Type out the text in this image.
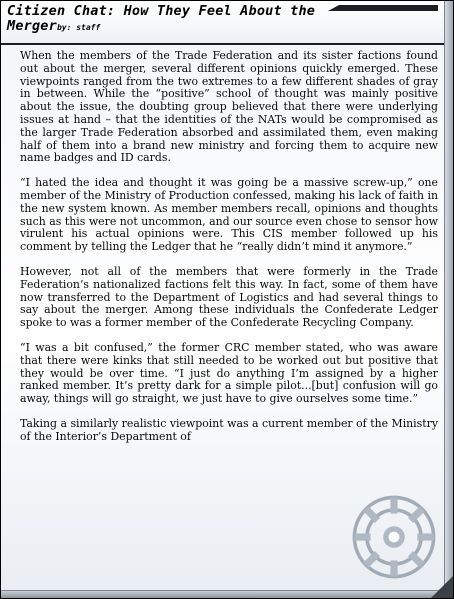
Citizen Chat: How They Feel About the
Mergerby: staff

When the members of the Trade Federation and its sister factions found out about the merger, several different opinions quickly emerged. These viewpoints ranged from the two extremes to a few different shades of gray in between. While the “positive” school of thought was mainly positive about the issue, the doubting group believed that there were underlying issues at hand – that the identities of the NATs would be compromised as the larger Trade Federation absorbed and assimilated them, even making half of them into a brand new ministry and forcing them to acquire new name badges and ID cards.

“I hated the idea and thought it was going be a massive screw-up,” one member of the Ministry of Production confessed, making his lack of faith in the new system known. As member members recall, opinions and thoughts such as this were not uncommon, and our source even chose to sensor how virulent his actual opinions were. This CIS member followed up his comment by telling the Ledger that he “really didn’t mind it anymore.”

However, not all of the members that were formerly in the Trade Federation’s nationalized factions felt this way. In fact, some of them have now transferred to the Department of Logistics and had several things to say about the merger. Among these individuals the Confederate Ledger spoke to was a former member of the Confederate Recycling Company.

“I was a bit confused,” the former CRC member stated, who was aware that there were kinks that still needed to be worked out but positive that they would be over time. “I just do anything I’m assigned by a higher ranked member. It’s pretty dark for a simple pilot...[but] confusion will go away, things will go straight, we just have to give ourselves some time.”

Taking a similarly realistic viewpoint was a current member of the Ministry of the Interior’s Department of
